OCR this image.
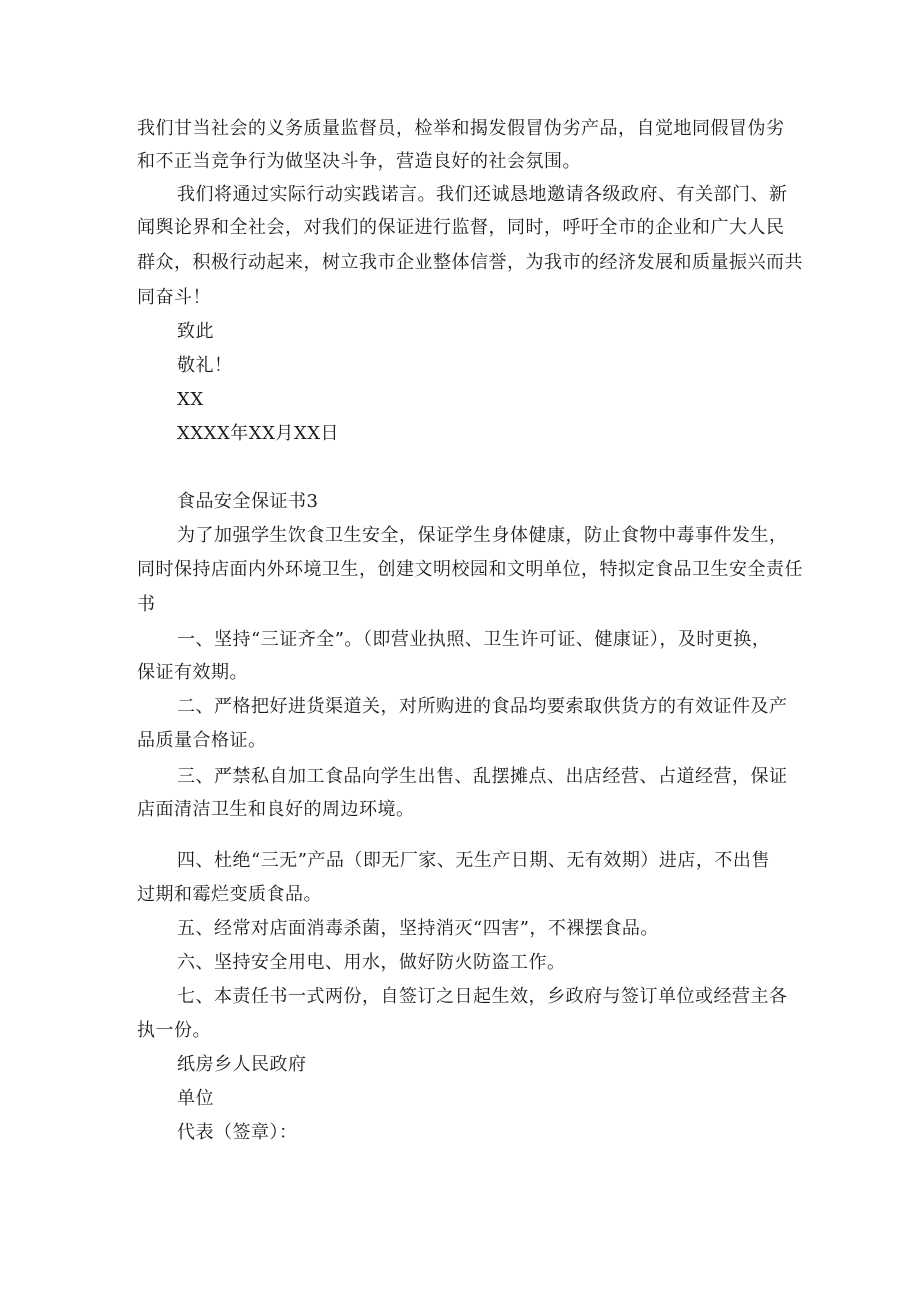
我们甘当社会的义务质量监督员，检举和揭发假冒伪劣产品，自觉地同假冒伪劣
和不正当竞争行为做坚决斗争，营造良好的社会氛围。
我们将通过实际行动实践诺言。我们还诚恳地邀请各级政府、有关部门、新
闻舆论界和全社会，对我们的保证进行监督，同时，呼吁全市的企业和广大人民
群众，积极行动起来，树立我市企业整体信誉，为我市的经济发展和质量振兴而共
同奋斗！
致此
敬礼！
XX
XXXX年XX月XX日
食品安全保证书3
为了加强学生饮食卫生安全，保证学生身体健康，防止食物中毒事件发生，
同时保持店面内外环境卫生，创建文明校园和文明单位，特拟定食品卫生安全责任
书
一、坚持“三证齐全”。（即营业执照、卫生许可证、健康证），及时更换，
保证有效期。
二、严格把好进货渠道关，对所购进的食品均要索取供货方的有效证件及产
品质量合格证。
三、严禁私自加工食品向学生出售、乱摆摊点、出店经营、占道经营，保证
店面清洁卫生和良好的周边环境。
四、杜绝“三无”产品（即无厂家、无生产日期、无有效期）进店，不出售
过期和霉烂变质食品。
五、经常对店面消毒杀菌，坚持消灭“四害”，不裸摆食品。
六、坚持安全用电、用水，做好防火防盗工作。
七、本责任书一式两份，自签订之日起生效，乡政府与签订单位或经营主各
执一份。
纸房乡人民政府
单位
代表（签章）：
